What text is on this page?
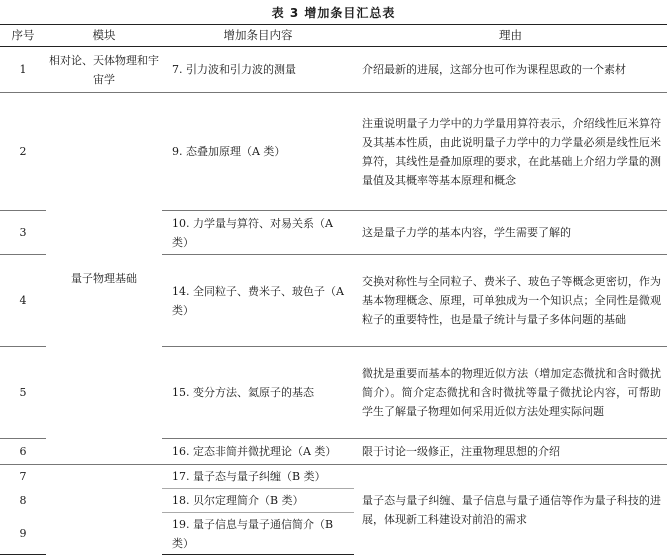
表 3 增加条目汇总表
序号	模块	增加条目内容	理由
1	相对论、天体物理和宇宙学	7. 引力波和引力波的测量	介绍最新的进展，这部分也可作为课程思政的一个素材
2	量子物理基础	9. 态叠加原理（A 类）	注重说明量子力学中的力学量用算符表示，介绍线性厄米算符及其基本性质，由此说明量子力学中的力学量必须是线性厄米算符，其线性是叠加原理的要求，在此基础上介绍力学量的测量值及其概率等基本原理和概念
3		10. 力学量与算符、对易关系（A 类）	这是量子力学的基本内容，学生需要了解的
4		14. 全同粒子、费米子、玻色子（A 类）	交换对称性与全同粒子、费米子、玻色子等概念更密切，作为基本物理概念、原理，可单独成为一个知识点；全同性是微观粒子的重要特性，也是量子统计与量子多体问题的基础
5		15. 变分方法、氦原子的基态	微扰是重要而基本的物理近似方法（增加定态微扰和含时微扰简介）。简介定态微扰和含时微扰等量子微扰论内容，可帮助学生了解量子物理如何采用近似方法处理实际问题
6		16. 定态非简并微扰理论（A 类）	限于讨论一级修正，注重物理思想的介绍
7		17. 量子态与量子纠缠（B 类）	量子态与量子纠缠、量子信息与量子通信等作为量子科技的进展，体现新工科建设对前沿的需求
8		18. 贝尔定理简介（B 类）	
9		19. 量子信息与量子通信简介（B 类）	
